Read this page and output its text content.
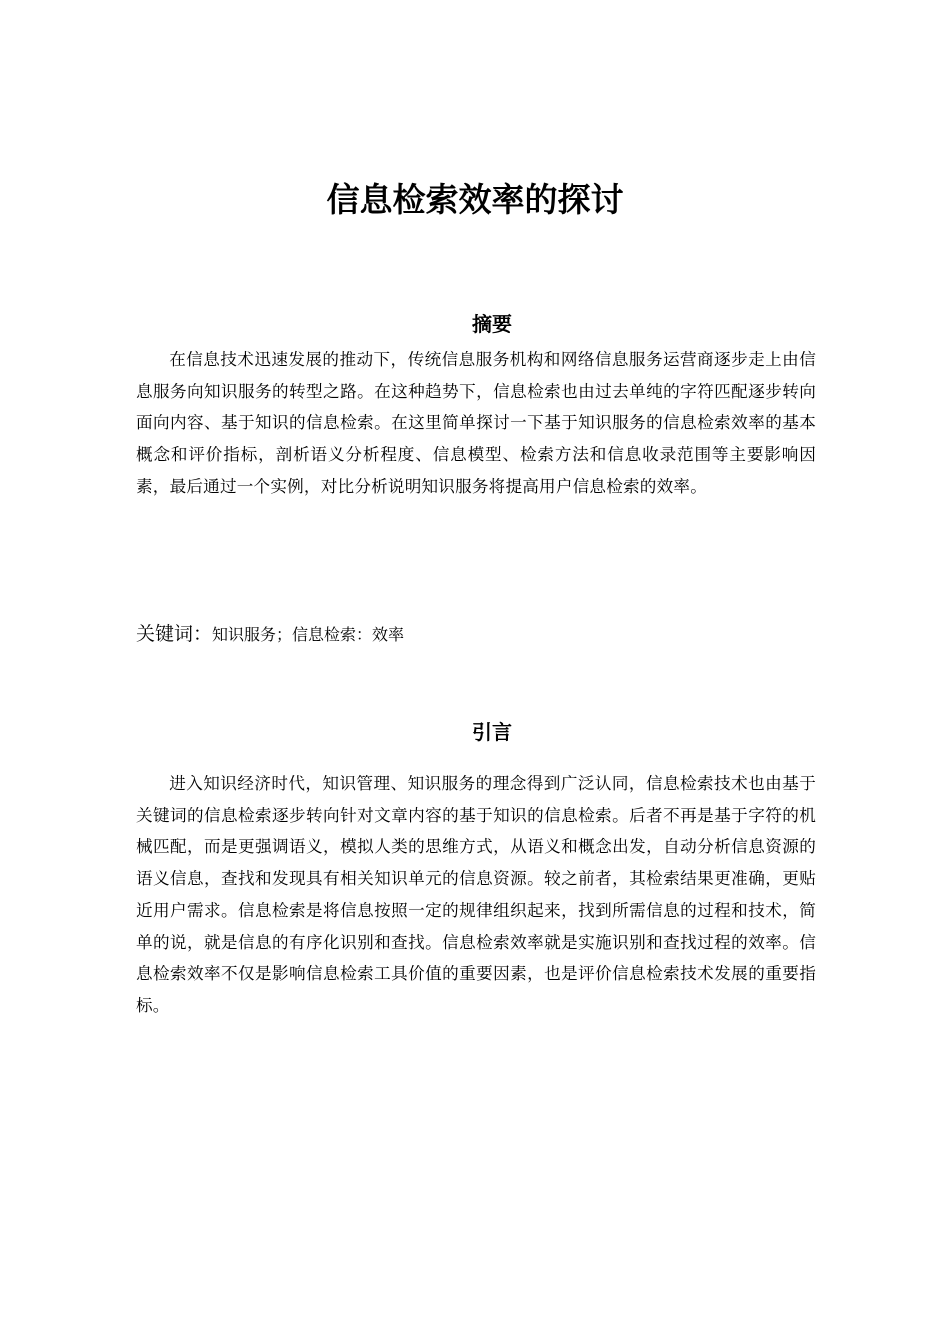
信息检索效率的探讨
摘要

在信息技术迅速发展的推动下，传统信息服务机构和网络信息服务运营商逐步走上由信息服务向知识服务的转型之路。在这种趋势下，信息检索也由过去单纯的字符匹配逐步转向面向内容、基于知识的信息检索。在这里简单探讨一下基于知识服务的信息检索效率的基本概念和评价指标，剖析语义分析程度、信息模型、检索方法和信息收录范围等主要影响因素，最后通过一个实例，对比分析说明知识服务将提高用户信息检索的效率。

关键词：知识服务；信息检索：效率
引言

进入知识经济时代，知识管理、知识服务的理念得到广泛认同，信息检索技术也由基于关键词的信息检索逐步转向针对文章内容的基于知识的信息检索。后者不再是基于字符的机械匹配，而是更强调语义，模拟人类的思维方式，从语义和概念出发，自动分析信息资源的语义信息，查找和发现具有相关知识单元的信息资源。较之前者，其检索结果更准确，更贴近用户需求。信息检索是将信息按照一定的规律组织起来，找到所需信息的过程和技术，简单的说，就是信息的有序化识别和查找。信息检索效率就是实施识别和查找过程的效率。信息检索效率不仅是影响信息检索工具价值的重要因素，也是评价信息检索技术发展的重要指标。
